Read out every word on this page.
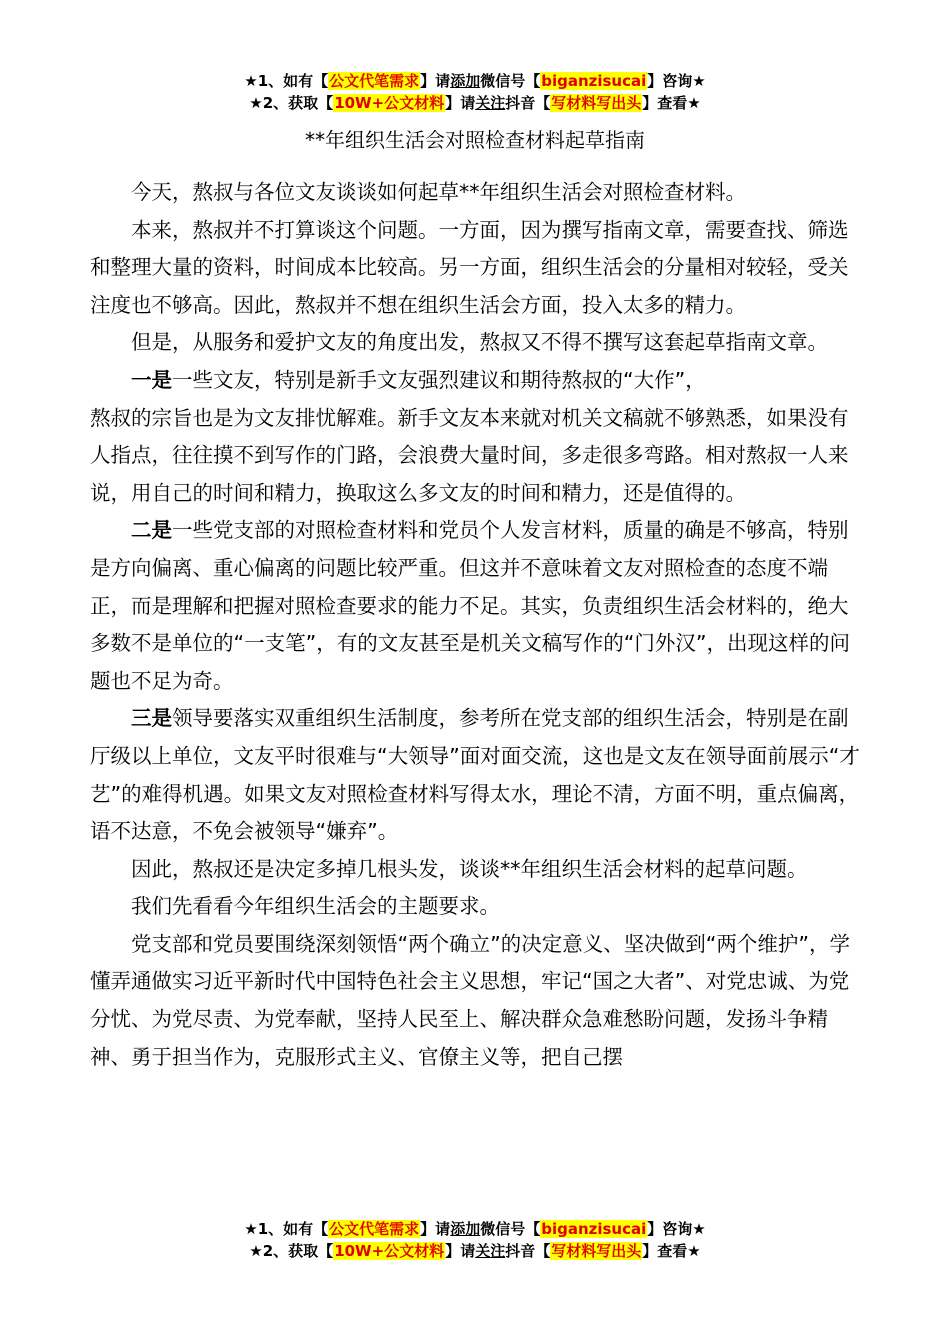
★1、如有【公文代笔需求】请添加微信号【biganzisucai】咨询★
★2、获取【10W+公文材料】请关注抖音【写材料写出头】查看★
**年组织生活会对照检查材料起草指南

今天，熬叔与各位文友谈谈如何起草**年组织生活会对照检查材料。

本来，熬叔并不打算谈这个问题。一方面，因为撰写指南文章，需要查找、筛选和整理大量的资料，时间成本比较高。另一方面，组织生活会的分量相对较轻，受关注度也不够高。因此，熬叔并不想在组织生活会方面，投入太多的精力。

但是，从服务和爱护文友的角度出发，熬叔又不得不撰写这套起草指南文章。

一是一些文友，特别是新手文友强烈建议和期待熬叔的“大作”，

熬叔的宗旨也是为文友排忧解难。新手文友本来就对机关文稿就不够熟悉，如果没有人指点，往往摸不到写作的门路，会浪费大量时间，多走很多弯路。相对熬叔一人来说，用自己的时间和精力，换取这么多文友的时间和精力，还是值得的。

二是一些党支部的对照检查材料和党员个人发言材料，质量的确是不够高，特别是方向偏离、重心偏离的问题比较严重。但这并不意味着文友对照检查的态度不端正，而是理解和把握对照检查要求的能力不足。其实，负责组织生活会材料的，绝大多数不是单位的“一支笔”，有的文友甚至是机关文稿写作的“门外汉”，出现这样的问题也不足为奇。

三是领导要落实双重组织生活制度，参考所在党支部的组织生活会，特别是在副厅级以上单位，文友平时很难与“大领导”面对面交流，这也是文友在领导面前展示“才艺”的难得机遇。如果文友对照检查材料写得太水，理论不清，方面不明，重点偏离，语不达意，不免会被领导“嫌弃”。

因此，熬叔还是决定多掉几根头发，谈谈**年组织生活会材料的起草问题。

我们先看看今年组织生活会的主题要求。

党支部和党员要围绕深刻领悟“两个确立”的决定意义、坚决做到“两个维护”，学懂弄通做实习近平新时代中国特色社会主义思想，牢记“国之大者”、对党忠诚、为党分忧、为党尽责、为党奉献，坚持人民至上、解决群众急难愁盼问题，发扬斗争精神、勇于担当作为，克服形式主义、官僚主义等，把自己摆

★1、如有【公文代笔需求】请添加微信号【biganzisucai】咨询★
★2、获取【10W+公文材料】请关注抖音【写材料写出头】查看★
